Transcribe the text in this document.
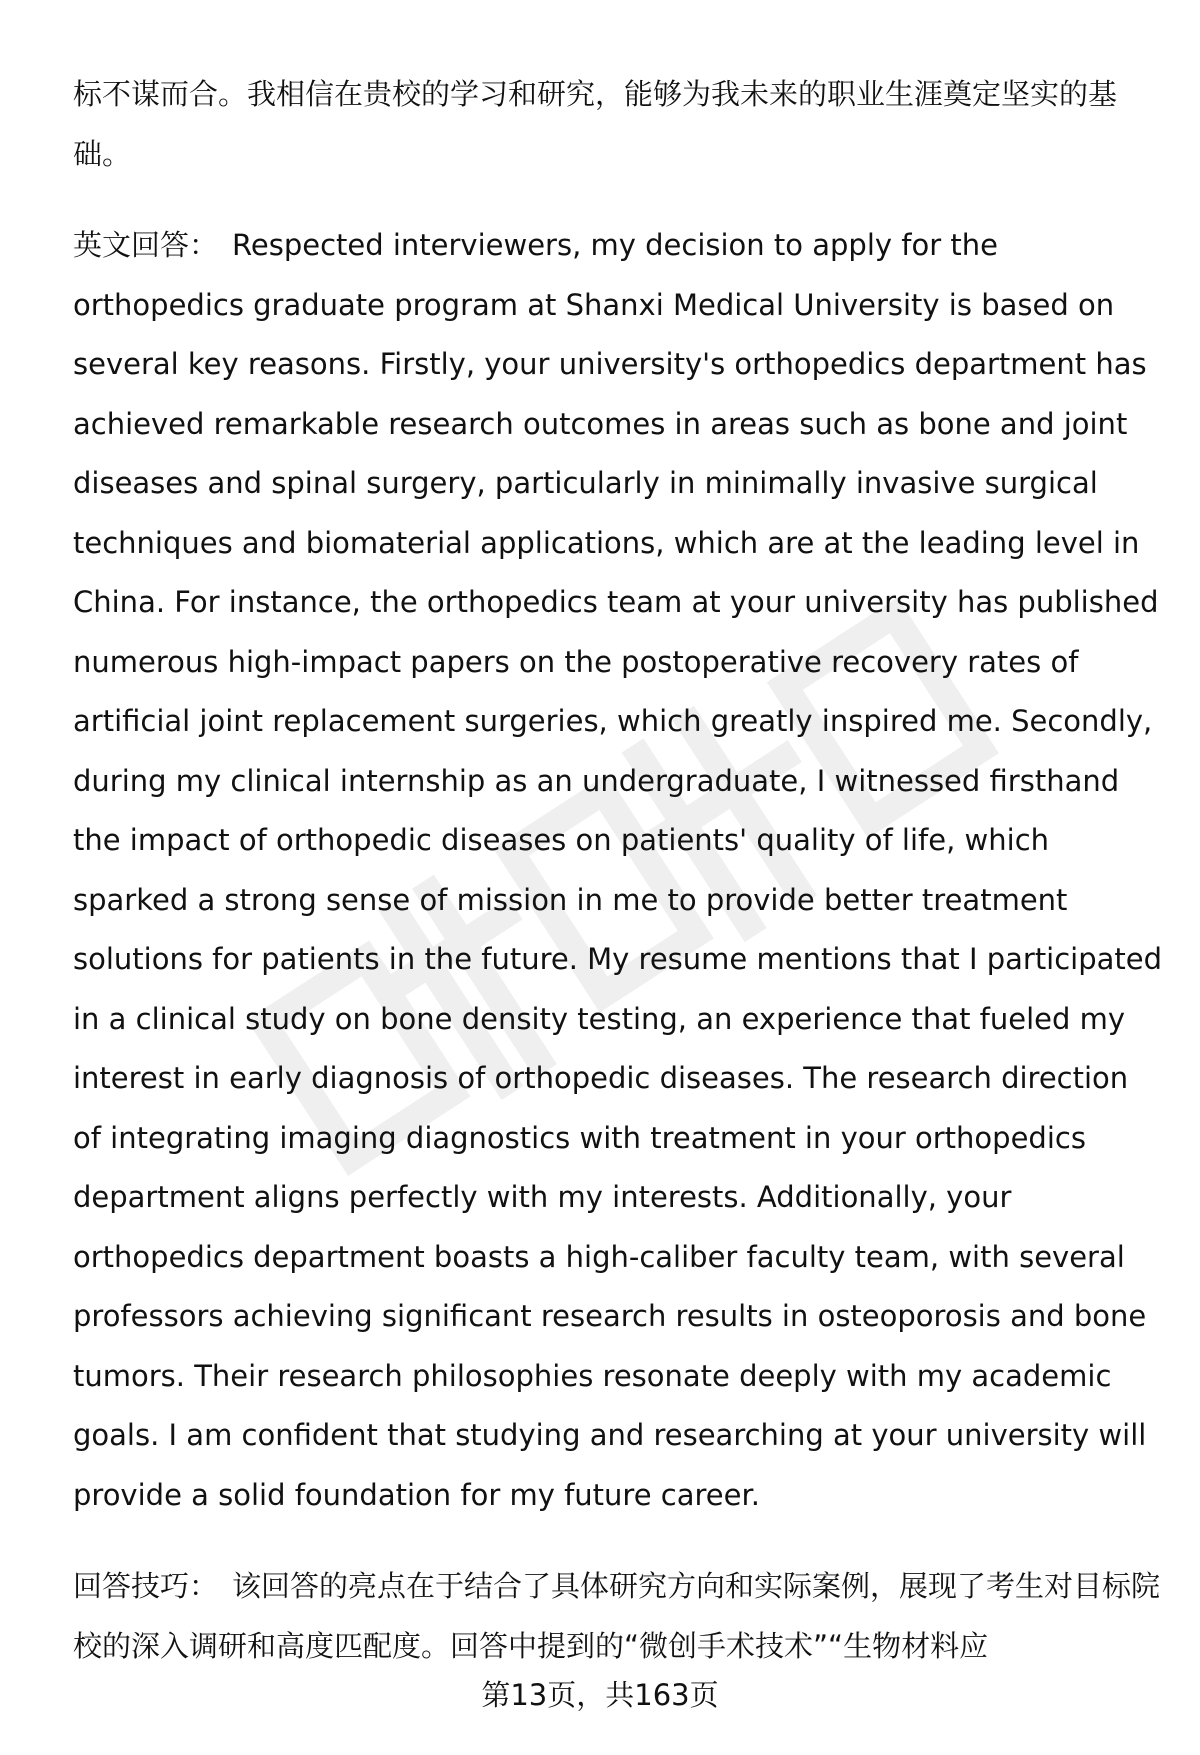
标不谋而合。我相信在贵校的学习和研究，能够为我未来的职业生涯奠定坚实的基础。

英文回答： Respected interviewers, my decision to apply for the orthopedics graduate program at Shanxi Medical University is based on several key reasons. Firstly, your university's orthopedics department has achieved remarkable research outcomes in areas such as bone and joint diseases and spinal surgery, particularly in minimally invasive surgical techniques and biomaterial applications, which are at the leading level in China. For instance, the orthopedics team at your university has published numerous high-impact papers on the postoperative recovery rates of artificial joint replacement surgeries, which greatly inspired me. Secondly, during my clinical internship as an undergraduate, I witnessed firsthand the impact of orthopedic diseases on patients' quality of life, which sparked a strong sense of mission in me to provide better treatment solutions for patients in the future. My resume mentions that I participated in a clinical study on bone density testing, an experience that fueled my interest in early diagnosis of orthopedic diseases. The research direction of integrating imaging diagnostics with treatment in your orthopedics department aligns perfectly with my interests. Additionally, your orthopedics department boasts a high-caliber faculty team, with several professors achieving significant research results in osteoporosis and bone tumors. Their research philosophies resonate deeply with my academic goals. I am confident that studying and researching at your university will provide a solid foundation for my future career.

回答技巧： 该回答的亮点在于结合了具体研究方向和实际案例，展现了考生对目标院校的深入调研和高度匹配度。回答中提到的“微创手术技术”“生物材料应

第13页，共163页
